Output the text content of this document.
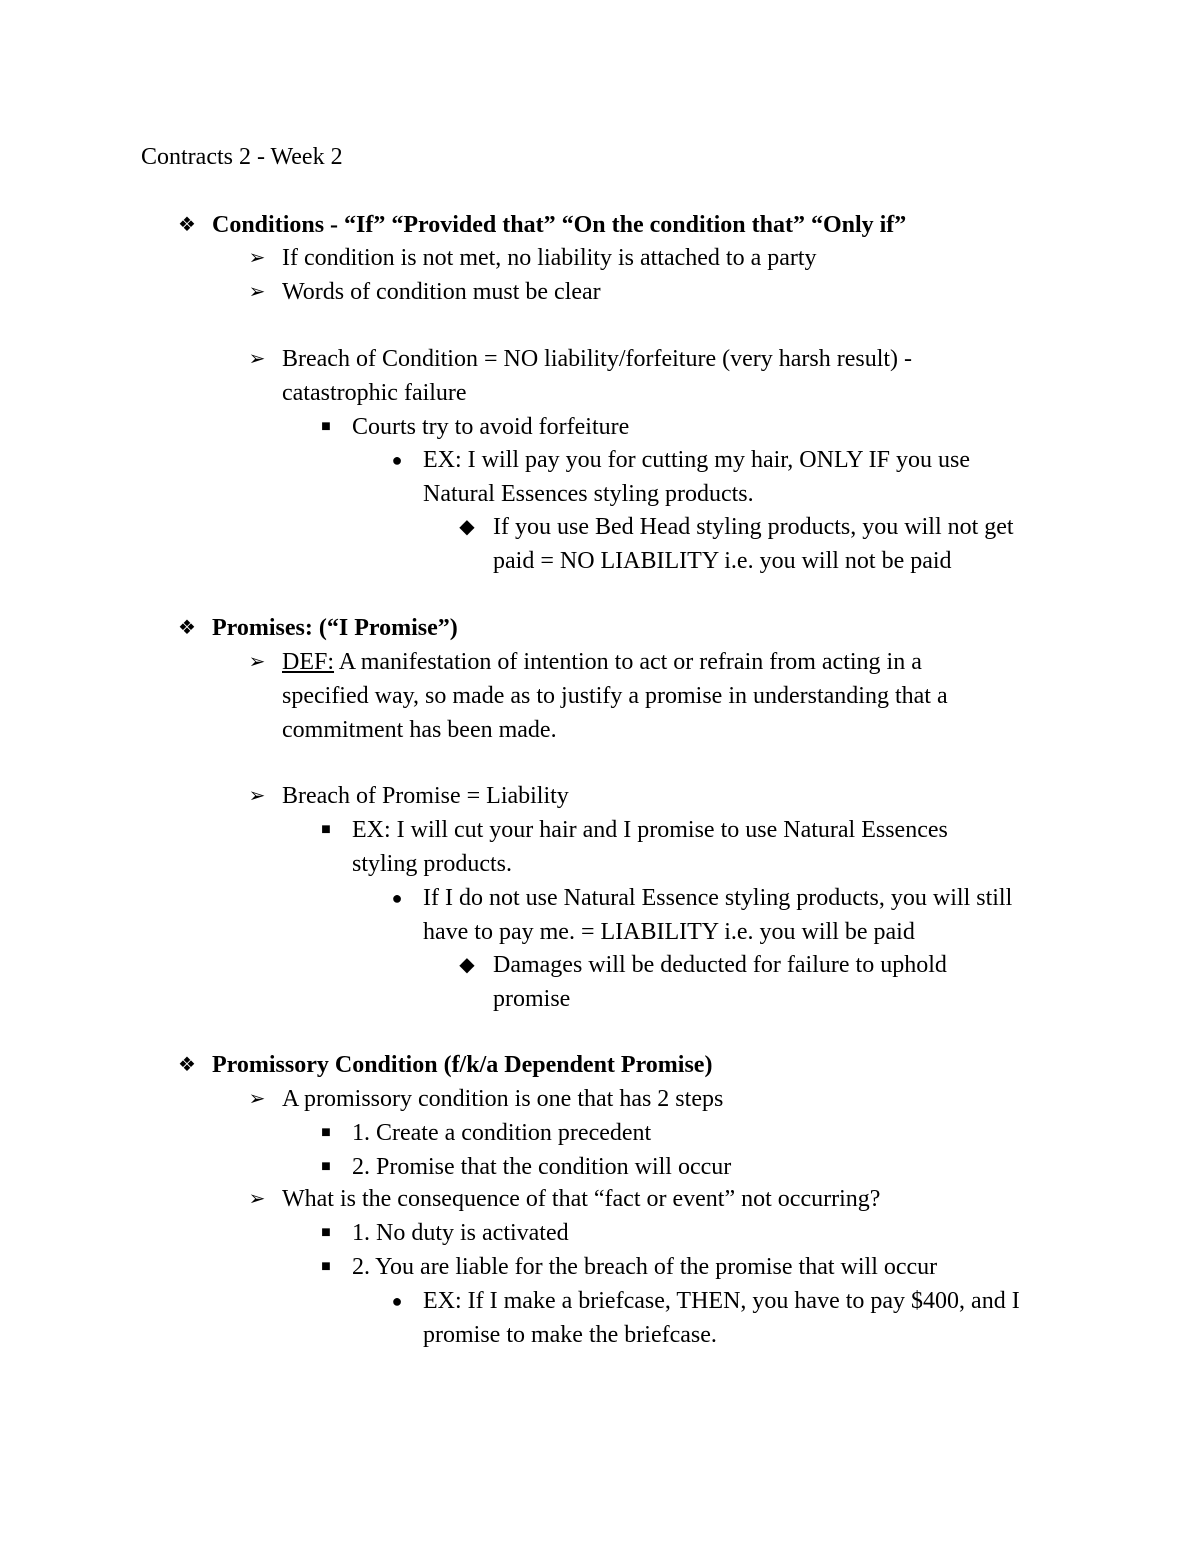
Contracts 2 - Week 2
❖ Conditions - “If” “Provided that” “On the condition that” “Only if”
➢ If condition is not met, no liability is attached to a party
➢ Words of condition must be clear
➢ Breach of Condition = NO liability/forfeiture (very harsh result) -
catastrophic failure
■ Courts try to avoid forfeiture
● EX: I will pay you for cutting my hair, ONLY IF you use
Natural Essences styling products.
◆ If you use Bed Head styling products, you will not get
paid = NO LIABILITY i.e. you will not be paid
❖ Promises: (“I Promise”)
➢ DEF: A manifestation of intention to act or refrain from acting in a
specified way, so made as to justify a promise in understanding that a
commitment has been made.
➢ Breach of Promise = Liability
■ EX: I will cut your hair and I promise to use Natural Essences
styling products.
● If I do not use Natural Essence styling products, you will still
have to pay me. = LIABILITY i.e. you will be paid
◆ Damages will be deducted for failure to uphold
promise
❖ Promissory Condition (f/k/a Dependent Promise)
➢ A promissory condition is one that has 2 steps
■ 1. Create a condition precedent
■ 2. Promise that the condition will occur
➢ What is the consequence of that “fact or event” not occurring?
■ 1. No duty is activated
■ 2. You are liable for the breach of the promise that will occur
● EX: If I make a briefcase, THEN, you have to pay $400, and I
promise to make the briefcase.
